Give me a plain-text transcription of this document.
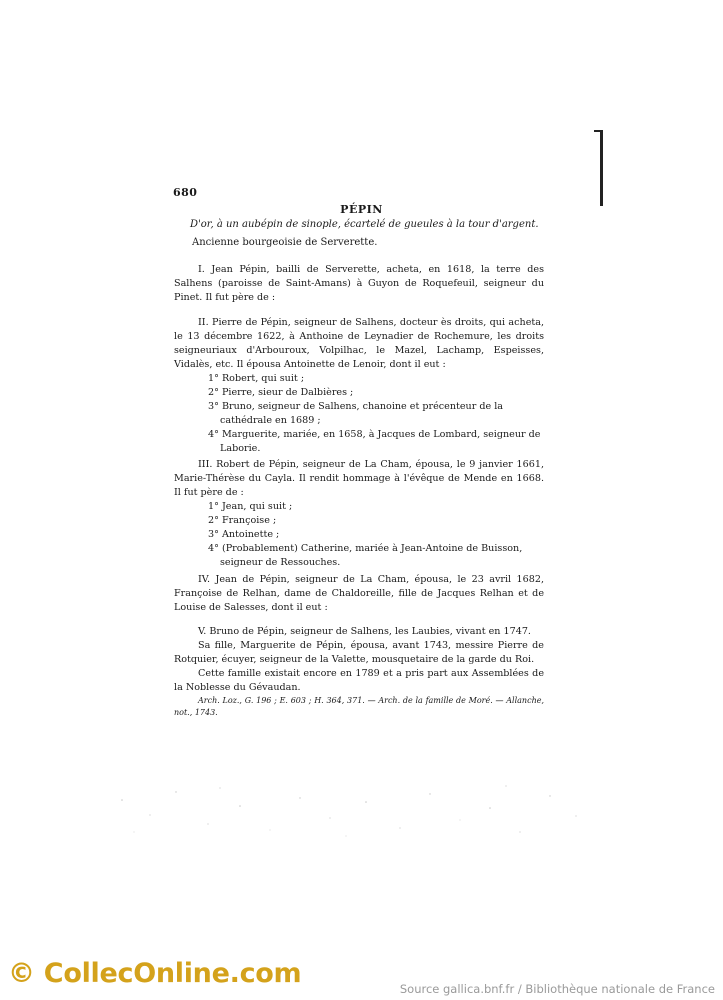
680
PÉPIN
D'or, à un aubépin de sinople, écartelé de gueules à la tour d'argent.
Ancienne bourgeoisie de Serverette.

I. Jean Pépin, bailli de Serverette, acheta, en 1618, la terre des Salhens (paroisse de Saint-Amans) à Guyon de Roquefeuil, seigneur du Pinet. Il fut père de :

II. Pierre de Pépin, seigneur de Salhens, docteur ès droits, qui acheta, le 13 décembre 1622, à Anthoine de Leynadier de Rochemure, les droits seigneuriaux d'Arbouroux, Volpilhac, le Mazel, Lachamp, Espeisses, Vidalès, etc. Il épousa Antoinette de Lenoir, dont il eut :

1° Robert, qui suit ;

2° Pierre, sieur de Dalbières ;

3° Bruno, seigneur de Salhens, chanoine et précenteur de la cathédrale en 1689 ;

4° Marguerite, mariée, en 1658, à Jacques de Lombard, seigneur de Laborie.

III. Robert de Pépin, seigneur de La Cham, épousa, le 9 janvier 1661, Marie-Thérèse du Cayla. Il rendit hommage à l'évêque de Mende en 1668. Il fut père de :

1° Jean, qui suit ;

2° Françoise ;

3° Antoinette ;

4° (Probablement) Catherine, mariée à Jean-Antoine de Buisson, seigneur de Ressouches.

IV. Jean de Pépin, seigneur de La Cham, épousa, le 23 avril 1682, Françoise de Relhan, dame de Chaldoreille, fille de Jacques Relhan et de Louise de Salesses, dont il eut :

V. Bruno de Pépin, seigneur de Salhens, les Laubies, vivant en 1747.

Sa fille, Marguerite de Pépin, épousa, avant 1743, messire Pierre de Rotquier, écuyer, seigneur de la Valette, mousquetaire de la garde du Roi.

Cette famille existait encore en 1789 et a pris part aux Assemblées de la Noblesse du Gévaudan.

Arch. Loz., G. 196 ; E. 603 ; H. 364, 371. — Arch. de la famille de Moré. — Allanche, not., 1743.

© CollecOnline.com	Source gallica.bnf.fr / Bibliothèque nationale de France
